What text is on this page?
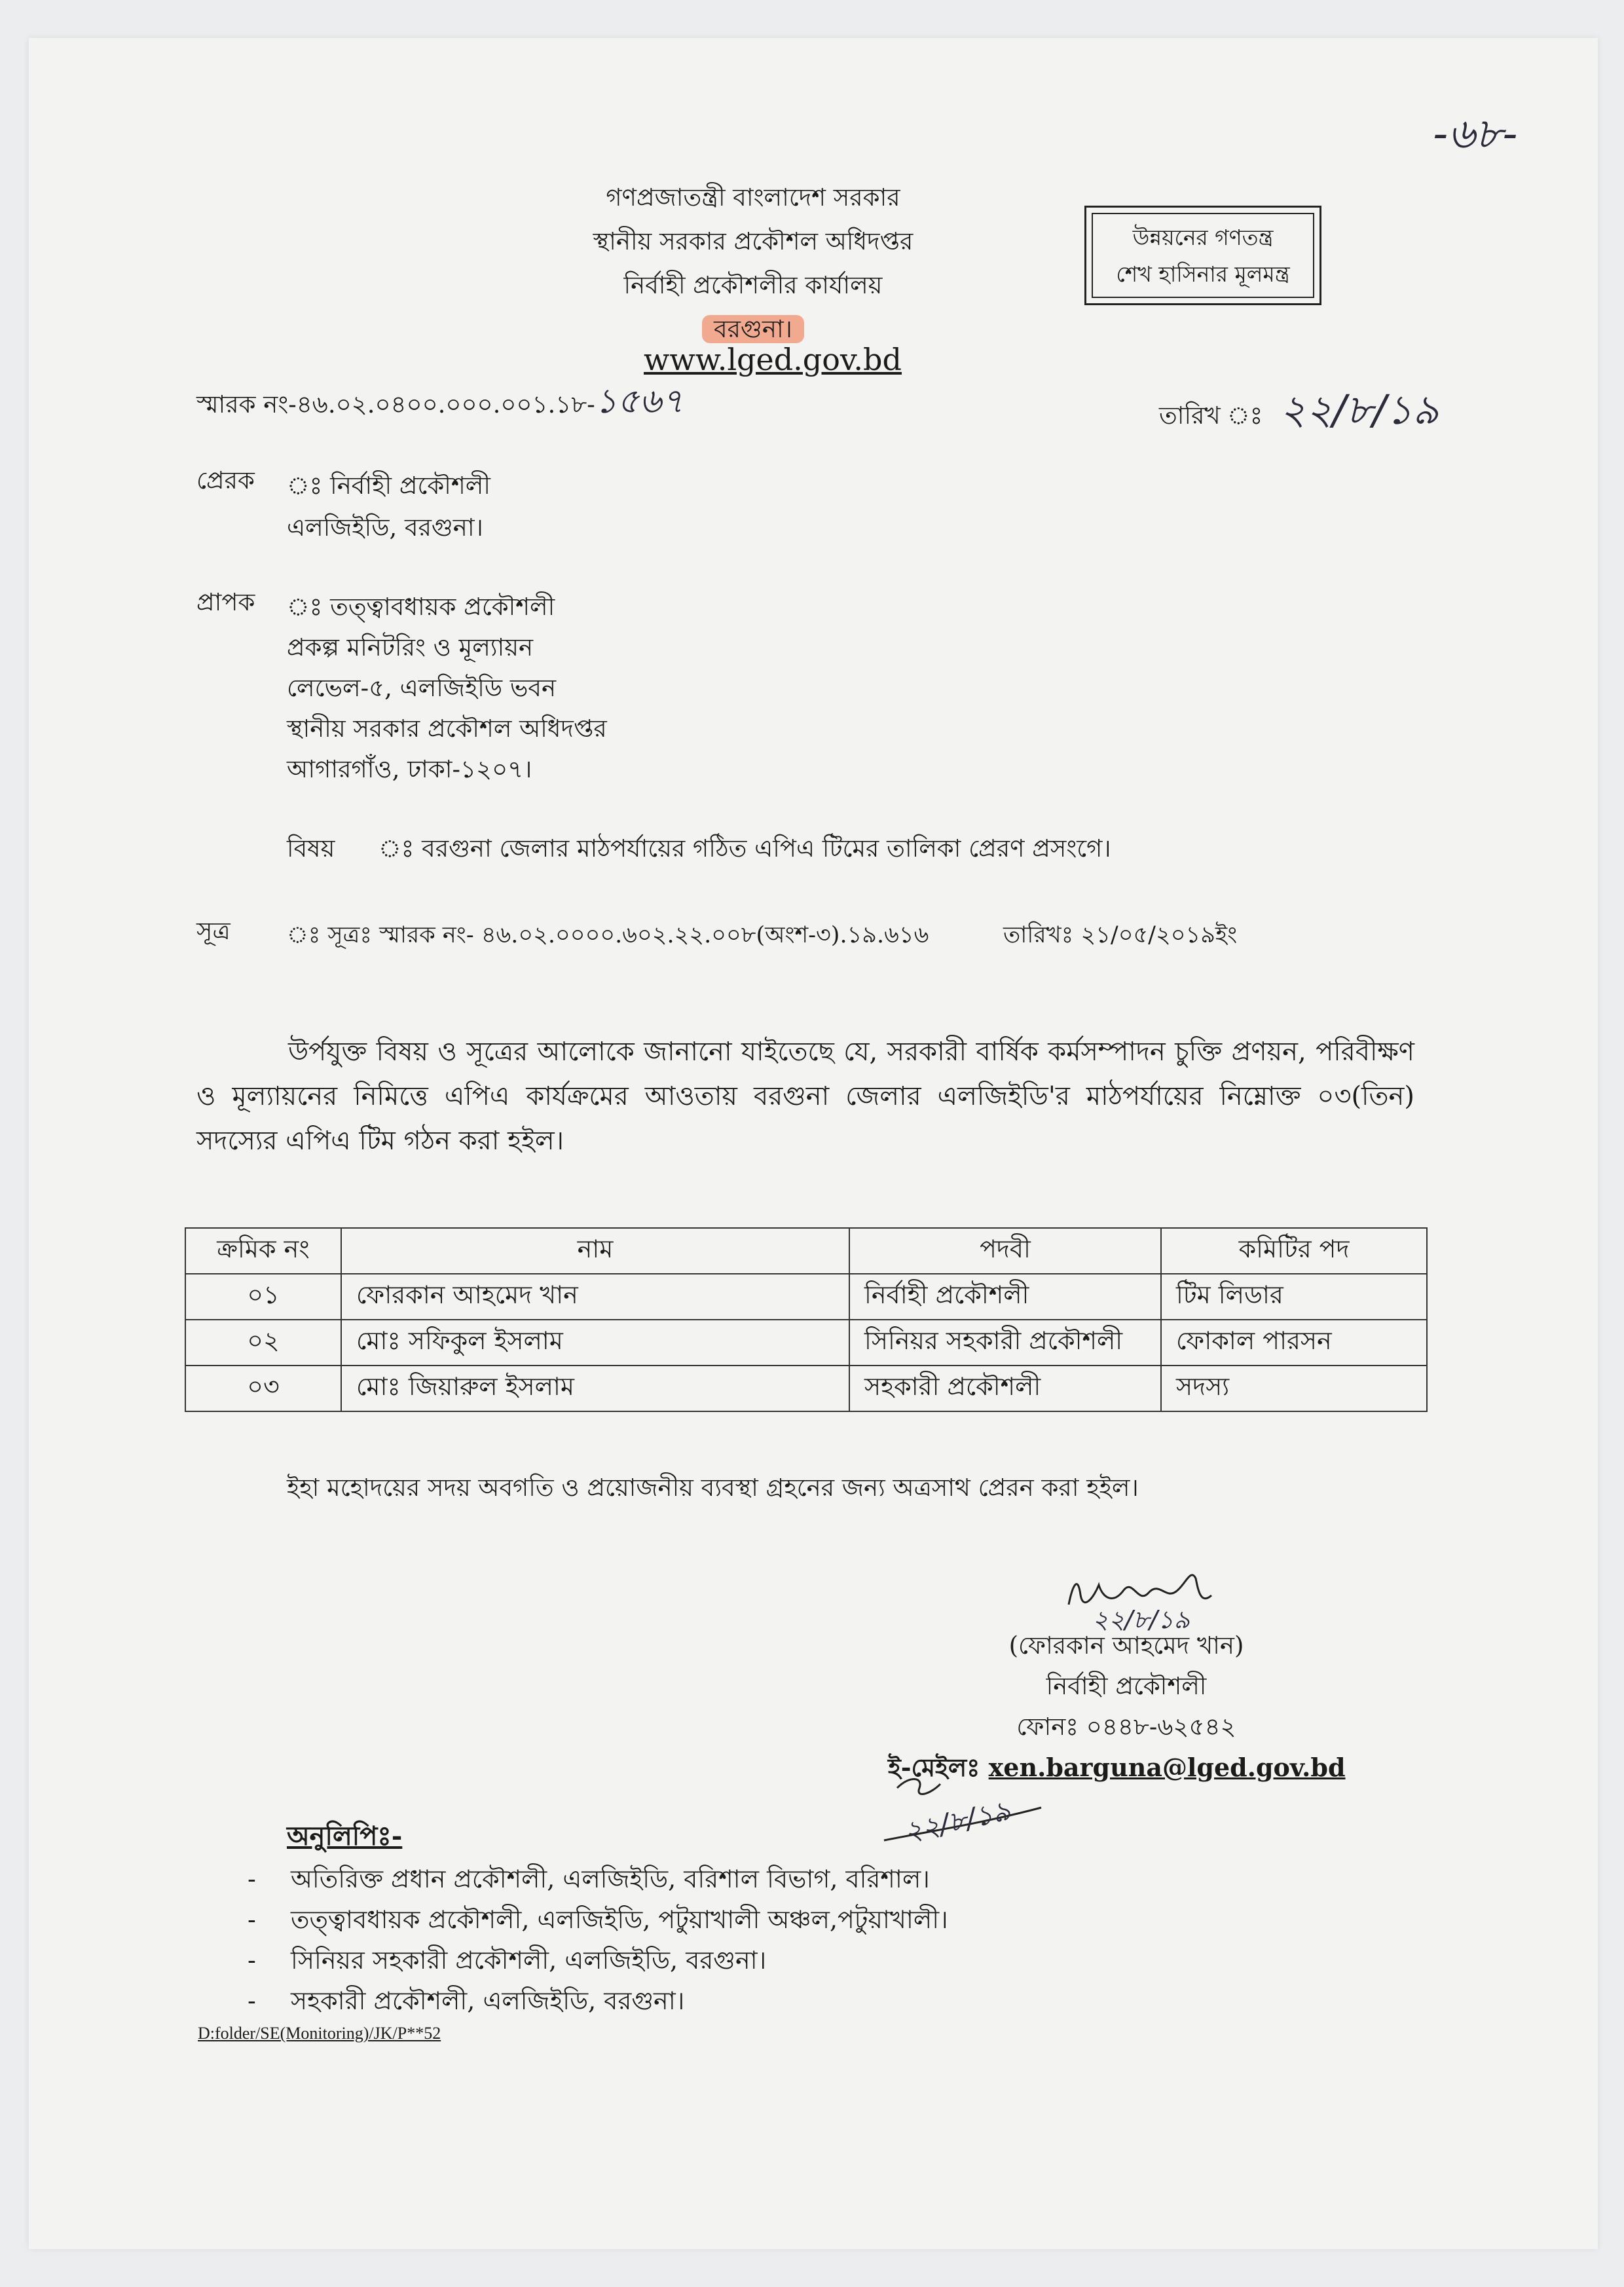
-৬৮-
গণপ্রজাতন্ত্রী বাংলাদেশ সরকার
স্থানীয় সরকার প্রকৌশল অধিদপ্তর
নির্বাহী প্রকৌশলীর কার্যালয়
বরগুনা।
www.lged.gov.bd
উন্নয়নের গণতন্ত্র
শেখ হাসিনার মূলমন্ত্র
স্মারক নং-৪৬.০২.০৪০০.০০০.০০১.১৮-১৫৬৭	তারিখ ঃ ২২/৮/১৯
প্রেরক ঃ নির্বাহী প্রকৌশলী
এলজিইডি, বরগুনা।
প্রাপক ঃ তত্ত্বাবধায়ক প্রকৌশলী
প্রকল্প মনিটরিং ও মূল্যায়ন
লেভেল-৫, এলজিইডি ভবন
স্থানীয় সরকার প্রকৌশল অধিদপ্তর
আগারগাঁও, ঢাকা-১২০৭।
বিষয় ঃ বরগুনা জেলার মাঠপর্যায়ের গঠিত এপিএ টিমের তালিকা প্রেরণ প্রসংগে।
সূত্র ঃ সূত্রঃ স্মারক নং- ৪৬.০২.০০০০.৬০২.২২.০০৮(অংশ-৩).১৯.৬১৬	তারিখঃ ২১/০৫/২০১৯ইং
উর্পযুক্ত বিষয় ও সূত্রের আলোকে জানানো যাইতেছে যে, সরকারী বার্ষিক কর্মসম্পাদন চুক্তি প্রণয়ন, পরিবীক্ষণ ও মূল্যায়নের নিমিত্তে এপিএ কার্যক্রমের আওতায় বরগুনা জেলার এলজিইডি'র মাঠপর্যায়ের নিম্নোক্ত ০৩(তিন) সদস্যের এপিএ টিম গঠন করা হইল।
ক্রমিক নং	নাম	পদবী	কমিটির পদ
০১	ফোরকান আহমেদ খান	নির্বাহী প্রকৌশলী	টিম লিডার
০২	মোঃ সফিকুল ইসলাম	সিনিয়র সহকারী প্রকৌশলী	ফোকাল পারসন
০৩	মোঃ জিয়ারুল ইসলাম	সহকারী প্রকৌশলী	সদস্য
ইহা মহোদয়ের সদয় অবগতি ও প্রয়োজনীয় ব্যবস্থা গ্রহনের জন্য অত্রসাথ প্রেরন করা হইল।
২২/৮/১৯
(ফোরকান আহমেদ খান)
নির্বাহী প্রকৌশলী
ফোনঃ ০৪৪৮-৬২৫৪২
ই-মেইলঃ xen.barguna@lged.gov.bd
২২/৮/১৯
অনুলিপিঃ-
- অতিরিক্ত প্রধান প্রকৌশলী, এলজিইডি, বরিশাল বিভাগ, বরিশাল।
- তত্ত্বাবধায়ক প্রকৌশলী, এলজিইডি, পটুয়াখালী অঞ্চল,পটুয়াখালী।
- সিনিয়র সহকারী প্রকৌশলী, এলজিইডি, বরগুনা।
- সহকারী প্রকৌশলী, এলজিইডি, বরগুনা।
D:folder/SE(Monitoring)/JK/P**52
